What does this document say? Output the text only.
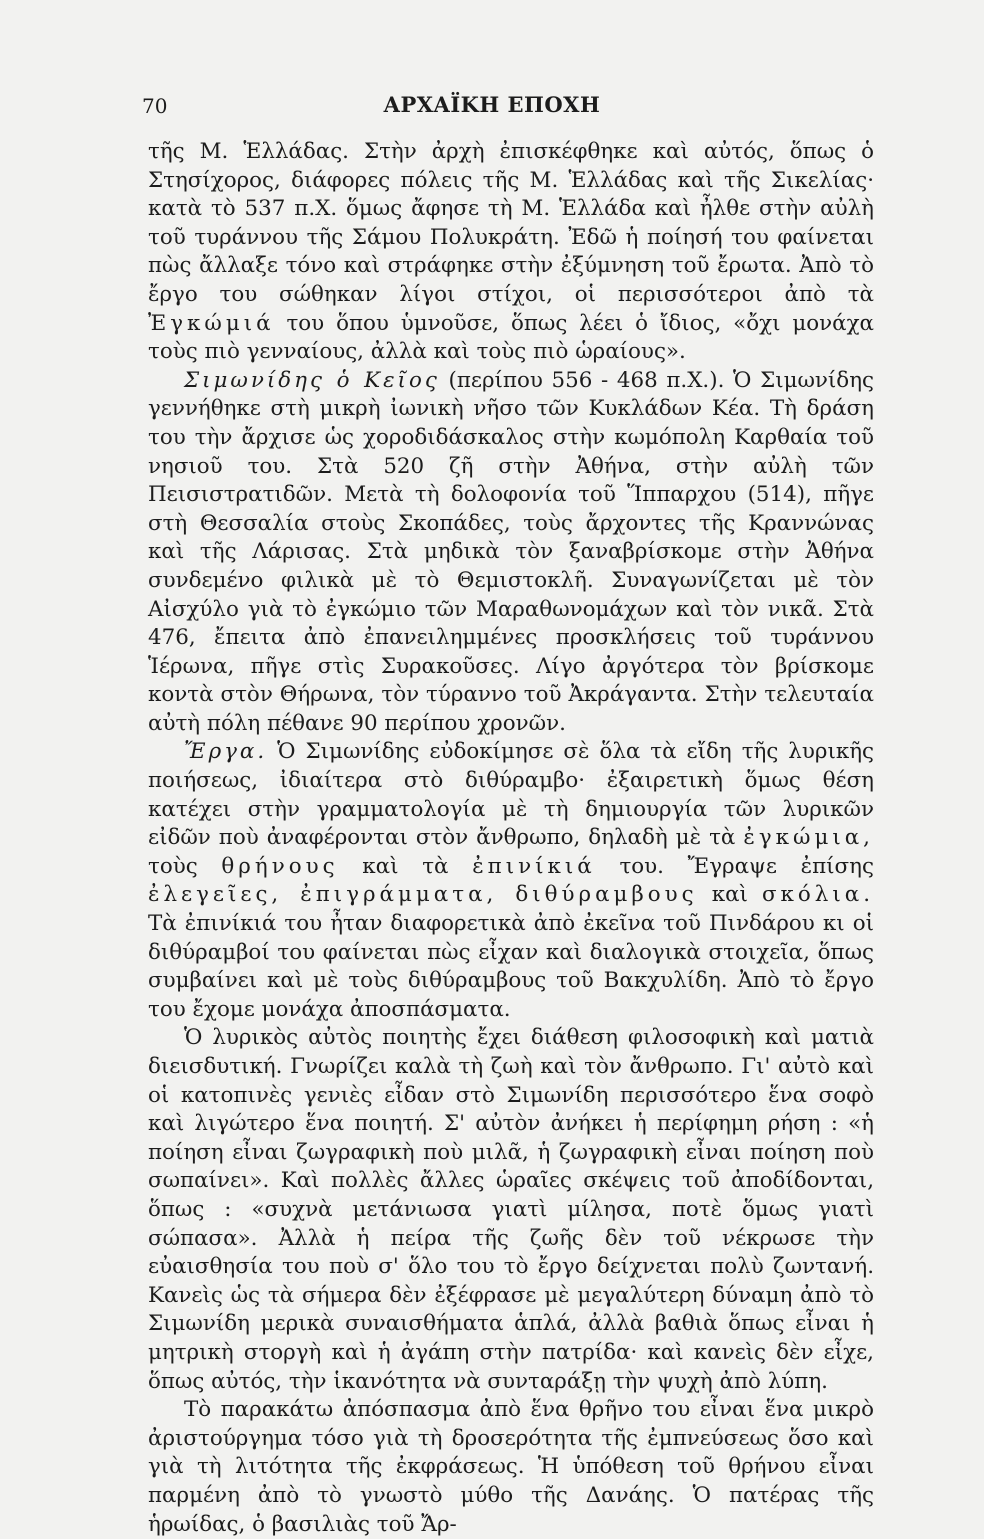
70	ΑΡΧΑΪΚΗ ΕΠΟΧΗ

τῆς Μ. Ἑλλάδας. Στὴν ἀρχὴ ἐπισκέφθηκε καὶ αὐτός, ὅπως ὁ Στησίχορος, διάφορες πόλεις τῆς Μ. Ἑλλάδας καὶ τῆς Σικελίας· κατὰ τὸ 537 π.Χ. ὅμως ἄφησε τὴ Μ. Ἑλλάδα καὶ ἦλθε στὴν αὐλὴ τοῦ τυράννου τῆς Σάμου Πολυκράτη. Ἐδῶ ἡ ποίησή του φαίνεται πὼς ἄλλαξε τόνο καὶ στράφηκε στὴν ἐξύμνηση τοῦ ἔρωτα. Ἀπὸ τὸ ἔργο του σώθηκαν λίγοι στίχοι, οἱ περισσότεροι ἀπὸ τὰ Ἐγκώμιά του ὅπου ὑμνοῦσε, ὅπως λέει ὁ ἴδιος, «ὄχι μονάχα τοὺς πιὸ γενναίους, ἀλλὰ καὶ τοὺς πιὸ ὡραίους».

Σιμωνίδης ὁ Κεῖος (περίπου 556 - 468 π.Χ.). Ὁ Σιμωνίδης γεννήθηκε στὴ μικρὴ ἰωνικὴ νῆσο τῶν Κυκλάδων Κέα. Τὴ δράση του τὴν ἄρχισε ὡς χοροδιδάσκαλος στὴν κωμόπολη Καρθαία τοῦ νησιοῦ του. Στὰ 520 ζῆ στὴν Ἀθήνα, στὴν αὐλὴ τῶν Πεισιστρατιδῶν. Μετὰ τὴ δολοφονία τοῦ Ἵππαρχου (514), πῆγε στὴ Θεσσαλία στοὺς Σκοπάδες, τοὺς ἄρχοντες τῆς Κραννώνας καὶ τῆς Λάρισας. Στὰ μηδικὰ τὸν ξαναβρίσκομε στὴν Ἀθήνα συνδεμένο φιλικὰ μὲ τὸ Θεμιστοκλῆ. Συναγωνίζεται μὲ τὸν Αἰσχύλο γιὰ τὸ ἐγκώμιο τῶν Μαραθωνομάχων καὶ τὸν νικᾶ. Στὰ 476, ἔπειτα ἀπὸ ἐπανειλημμένες προσκλήσεις τοῦ τυράννου Ἱέρωνα, πῆγε στὶς Συρακοῦσες. Λίγο ἀργότερα τὸν βρίσκομε κοντὰ στὸν Θήρωνα, τὸν τύραννο τοῦ Ἀκράγαντα. Στὴν τελευταία αὐτὴ πόλη πέθανε 90 περίπου χρονῶν.

Ἔργα. Ὁ Σιμωνίδης εὐδοκίμησε σὲ ὅλα τὰ εἴδη τῆς λυρικῆς ποιήσεως, ἰδιαίτερα στὸ διθύραμβο· ἐξαιρετικὴ ὅμως θέση κατέχει στὴν γραμματολογία μὲ τὴ δημιουργία τῶν λυρικῶν εἰδῶν ποὺ ἀναφέρονται στὸν ἄνθρωπο, δηλαδὴ μὲ τὰ ἐγκώμια, τοὺς θρήνους καὶ τὰ ἐπινίκιά του. Ἔγραψε ἐπίσης ἐλεγεῖες, ἐπιγράμματα, διθύραμβους καὶ σκόλια. Τὰ ἐπινίκιά του ἦταν διαφορετικὰ ἀπὸ ἐκεῖνα τοῦ Πινδάρου κι οἱ διθύραμβοί του φαίνεται πὼς εἶχαν καὶ διαλογικὰ στοιχεῖα, ὅπως συμβαίνει καὶ μὲ τοὺς διθύραμβους τοῦ Βακχυλίδη. Ἀπὸ τὸ ἔργο του ἔχομε μονάχα ἀποσπάσματα.

Ὁ λυρικὸς αὐτὸς ποιητὴς ἔχει διάθεση φιλοσοφικὴ καὶ ματιὰ διεισδυτική. Γνωρίζει καλὰ τὴ ζωὴ καὶ τὸν ἄνθρωπο. Γι' αὐτὸ καὶ οἱ κατοπινὲς γενιὲς εἶδαν στὸ Σιμωνίδη περισσότερο ἕνα σοφὸ καὶ λιγώτερο ἕνα ποιητή. Σ' αὐτὸν ἀνήκει ἡ περίφημη ρήση : «ἡ ποίηση εἶναι ζωγραφικὴ ποὺ μιλᾶ, ἡ ζωγραφικὴ εἶναι ποίηση ποὺ σωπαίνει». Καὶ πολλὲς ἄλλες ὡραῖες σκέψεις τοῦ ἀποδίδονται, ὅπως : «συχνὰ μετάνιωσα γιατὶ μίλησα, ποτὲ ὅμως γιατὶ σώπασα». Ἀλλὰ ἡ πείρα τῆς ζωῆς δὲν τοῦ νέκρωσε τὴν εὐαισθησία του ποὺ σ' ὅλο του τὸ ἔργο δείχνεται πολὺ ζωντανή. Κανεὶς ὡς τὰ σήμερα δὲν ἐξέφρασε μὲ μεγαλύτερη δύναμη ἀπὸ τὸ Σιμωνίδη μερικὰ συναισθήματα ἁπλά, ἀλλὰ βαθιὰ ὅπως εἶναι ἡ μητρικὴ στοργὴ καὶ ἡ ἀγάπη στὴν πατρίδα· καὶ κανεὶς δὲν εἶχε, ὅπως αὐτός, τὴν ἱκανότητα νὰ συνταράξῃ τὴν ψυχὴ ἀπὸ λύπη.

Τὸ παρακάτω ἀπόσπασμα ἀπὸ ἕνα θρῆνο του εἶναι ἕνα μικρὸ ἀριστούργημα τόσο γιὰ τὴ δροσερότητα τῆς ἐμπνεύσεως ὅσο καὶ γιὰ τὴ λιτότητα τῆς ἐκφράσεως. Ἡ ὑπόθεση τοῦ θρήνου εἶναι παρμένη ἀπὸ τὸ γνωστὸ μύθο τῆς Δανάης. Ὁ πατέρας τῆς ἡρωίδας, ὁ βασιλιὰς τοῦ Ἄρ-
